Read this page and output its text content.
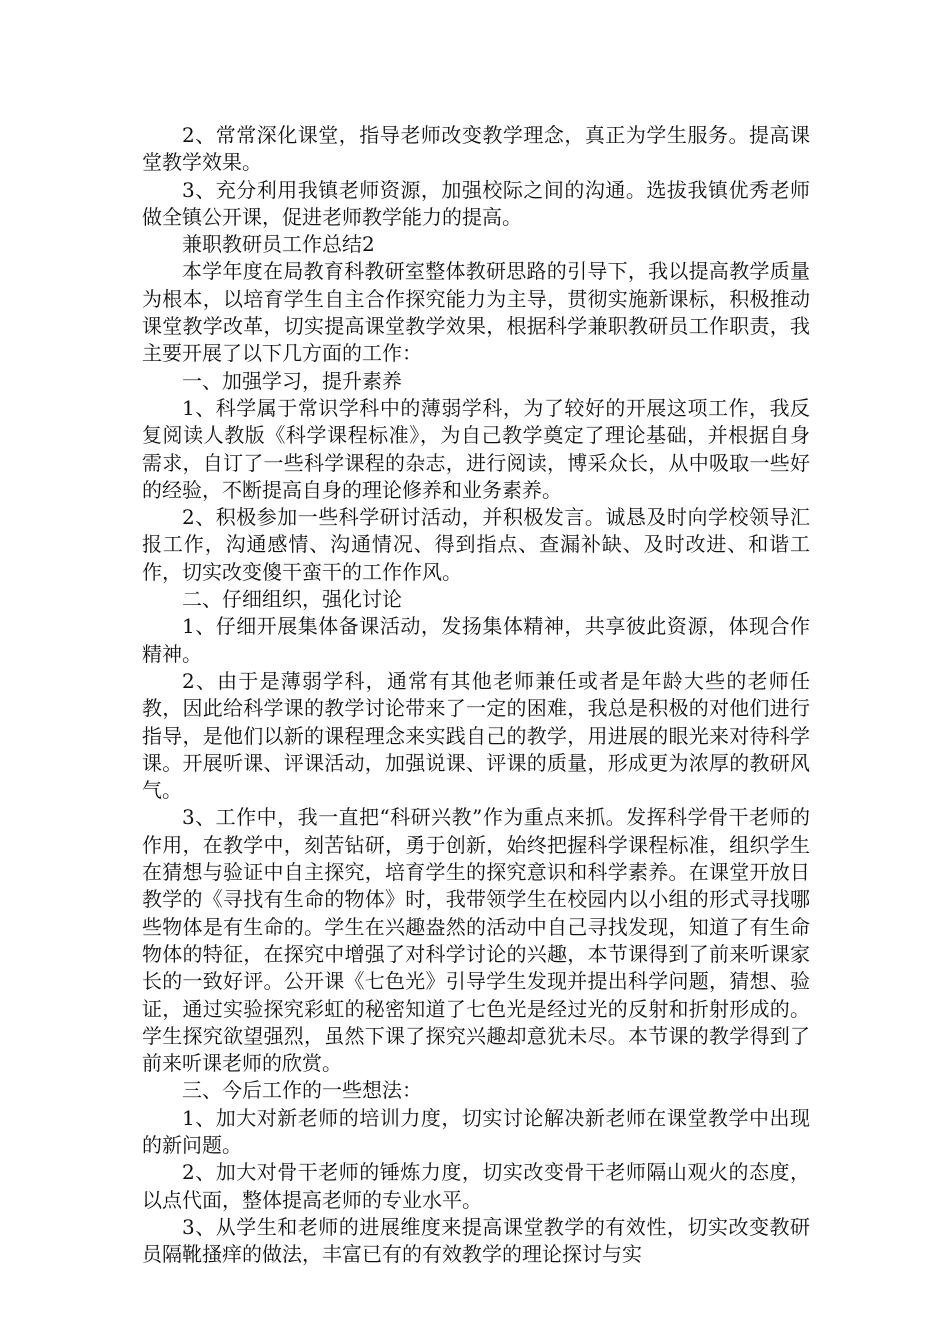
2、常常深化课堂，指导老师改变教学理念，真正为学生服务。提高课堂教学效果。

3、充分利用我镇老师资源，加强校际之间的沟通。选拔我镇优秀老师做全镇公开课，促进老师教学能力的提高。

兼职教研员工作总结2

本学年度在局教育科教研室整体教研思路的引导下，我以提高教学质量为根本，以培育学生自主合作探究能力为主导，贯彻实施新课标，积极推动课堂教学改革，切实提高课堂教学效果，根据科学兼职教研员工作职责，我主要开展了以下几方面的工作：

一、加强学习，提升素养

1、科学属于常识学科中的薄弱学科，为了较好的开展这项工作，我反复阅读人教版《科学课程标准》，为自己教学奠定了理论基础，并根据自身需求，自订了一些科学课程的杂志，进行阅读，博采众长，从中吸取一些好的经验，不断提高自身的理论修养和业务素养。

2、积极参加一些科学研讨活动，并积极发言。诚恳及时向学校领导汇报工作，沟通感情、沟通情况、得到指点、查漏补缺、及时改进、和谐工作，切实改变傻干蛮干的工作作风。

二、仔细组织，强化讨论

1、仔细开展集体备课活动，发扬集体精神，共享彼此资源，体现合作精神。

2、由于是薄弱学科，通常有其他老师兼任或者是年龄大些的老师任教，因此给科学课的教学讨论带来了一定的困难，我总是积极的对他们进行指导，是他们以新的课程理念来实践自己的教学，用进展的眼光来对待科学课。开展听课、评课活动，加强说课、评课的质量，形成更为浓厚的教研风气。

3、工作中，我一直把“科研兴教”作为重点来抓。发挥科学骨干老师的作用，在教学中，刻苦钻研，勇于创新，始终把握科学课程标准，组织学生在猜想与验证中自主探究，培育学生的探究意识和科学素养。在课堂开放日教学的《寻找有生命的物体》时，我带领学生在校园内以小组的形式寻找哪些物体是有生命的。学生在兴趣盎然的活动中自己寻找发现，知道了有生命物体的特征，在探究中增强了对科学讨论的兴趣，本节课得到了前来听课家长的一致好评。公开课《七色光》引导学生发现并提出科学问题，猜想、验证，通过实验探究彩虹的秘密知道了七色光是经过光的反射和折射形成的。学生探究欲望强烈，虽然下课了探究兴趣却意犹未尽。本节课的教学得到了前来听课老师的欣赏。

三、今后工作的一些想法：

1、加大对新老师的培训力度，切实讨论解决新老师在课堂教学中出现的新问题。

2、加大对骨干老师的锤炼力度，切实改变骨干老师隔山观火的态度，以点代面，整体提高老师的专业水平。

3、从学生和老师的进展维度来提高课堂教学的有效性，切实改变教研员隔靴搔痒的做法，丰富已有的有效教学的理论探讨与实
